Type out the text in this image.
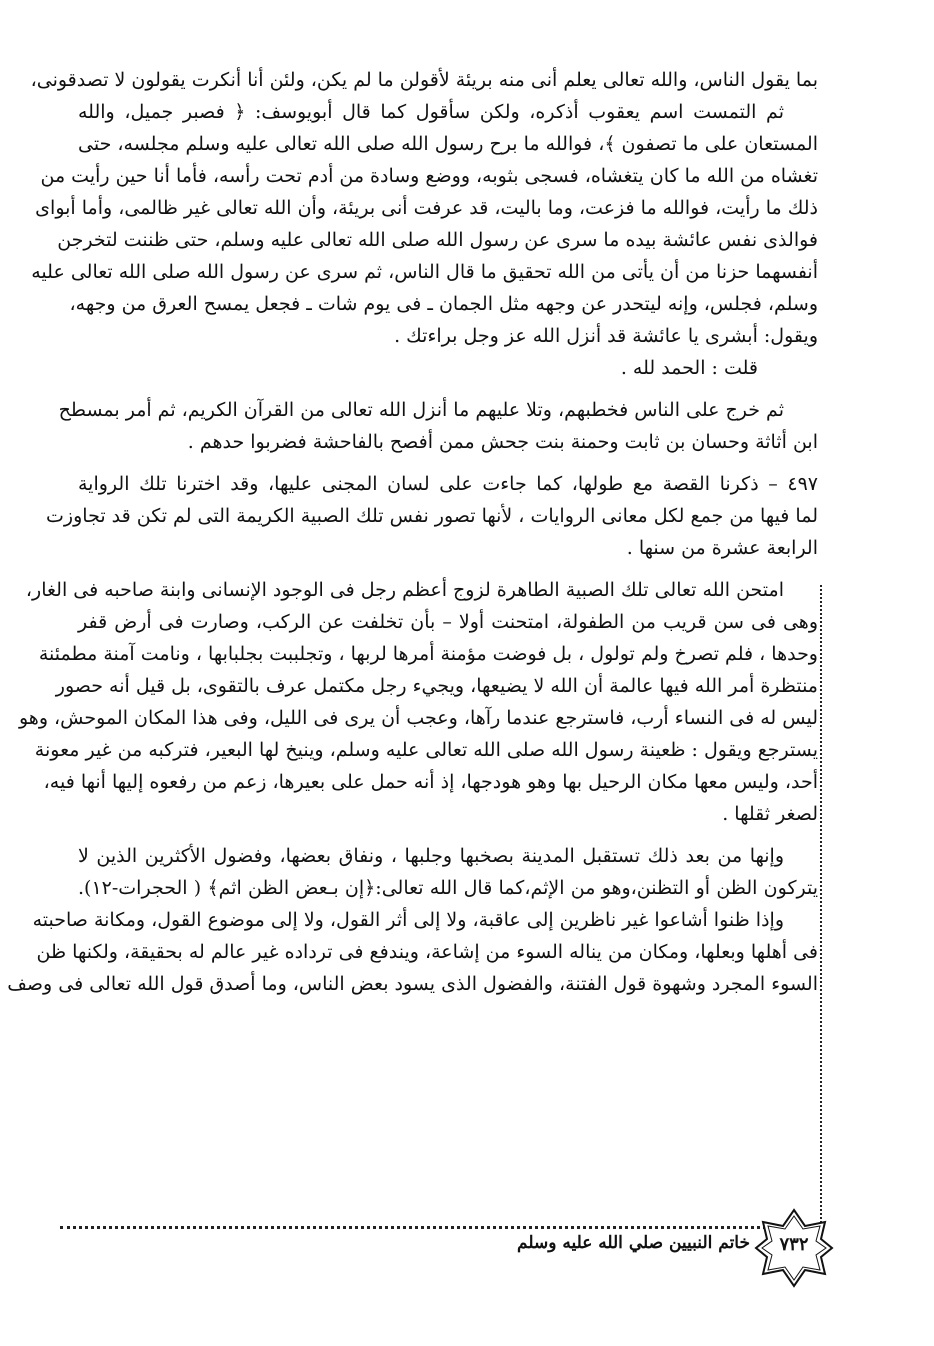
بما يقول الناس، والله تعالى يعلم أنى منه بريئة لأقولن ما لم يكن، ولئن أنا أنكرت يقولون لا تصدقونى،
ثم التمست اسم يعقوب أذكره، ولكن سأقول كما قال أبويوسف: ﴿ فصبر جميل، والله
المستعان على ما تصفون ﴾، فوالله ما برح رسول الله صلى الله تعالى عليه وسلم مجلسه، حتى
تغشاه من الله ما كان يتغشاه، فسجى بثوبه، ووضع وسادة من أدم تحت رأسه، فأما أنا حين رأيت من
ذلك ما رأيت، فوالله ما فزعت، وما باليت، قد عرفت أنى بريئة، وأن الله تعالى غير ظالمى، وأما أبواى
فوالذى نفس عائشة بيده ما سرى عن رسول الله صلى الله تعالى عليه وسلم، حتى ظننت لتخرجن
أنفسهما حزنا من أن يأتى من الله تحقيق ما قال الناس، ثم سرى عن رسول الله صلى الله تعالى عليه
وسلم، فجلس، وإنه ليتحدر عن وجهه مثل الجمان ـ فى يوم شات ـ فجعل يمسح العرق من وجهه،
ويقول: أبشرى يا عائشة قد أنزل الله عز وجل براءتك .
قلت : الحمد لله .
ثم خرج على الناس فخطبهم، وتلا عليهم ما أنزل الله تعالى من القرآن الكريم، ثم أمر بمسطح
ابن أثاثة وحسان بن ثابت وحمنة بنت جحش ممن أفصح بالفاحشة فضربوا حدهم .
٤٩٧ – ذكرنا القصة مع طولها، كما جاءت على لسان المجنى عليها، وقد اخترنا تلك الرواية
لما فيها من جمع لكل معانى الروايات ، لأنها تصور نفس تلك الصبية الكريمة التى لم تكن قد تجاوزت
الرابعة عشرة من سنها .
امتحن الله تعالى تلك الصبية الطاهرة لزوج أعظم رجل فى الوجود الإنسانى وابنة صاحبه فى الغار،
وهى فى سن قريب من الطفولة، امتحنت أولا – بأن تخلفت عن الركب، وصارت فى أرض قفر
وحدها ، فلم تصرخ ولم تولول ، بل فوضت مؤمنة أمرها لربها ، وتجلببت بجلبابها ، ونامت آمنة مطمئنة
منتظرة أمر الله فيها عالمة أن الله لا يضيعها، ويجيء رجل مكتمل عرف بالتقوى، بل قيل أنه حصور
ليس له فى النساء أرب، فاسترجع عندما رآها، وعجب أن يرى فى الليل، وفى هذا المكان الموحش، وهو
يسترجع ويقول : ظعينة رسول الله صلى الله تعالى عليه وسلم، وينيخ لها البعير، فتركبه من غير معونة
أحد، وليس معها مكان الرحيل بها وهو هودجها، إذ أنه حمل على بعيرها، زعم من رفعوه إليها أنها فيه،
لصغر ثقلها .
وإنها من بعد ذلك تستقبل المدينة بصخبها وجلبها ، ونفاق بعضها، وفضول الأكثرين الذين لا
يتركون الظن أو التظنن،وهو من الإثم،كما قال الله تعالى:﴿إن بـعض الظن اثم﴾ ( الحجرات-١٢).
وإذا ظنوا أشاعوا غير ناظرين إلى عاقبة، ولا إلى أثر القول، ولا إلى موضوع القول، ومكانة صاحبته
فى أهلها وبعلها، ومكان من يناله السوء من إشاعة، ويندفع فى ترداده غير عالم له بحقيقة، ولكنها ظن
السوء المجرد وشهوة قول الفتنة، والفضول الذى يسود بعض الناس، وما أصدق قول الله تعالى فى وصف
٧٣٢
خاتم النبيين صلي الله عليه وسلم
